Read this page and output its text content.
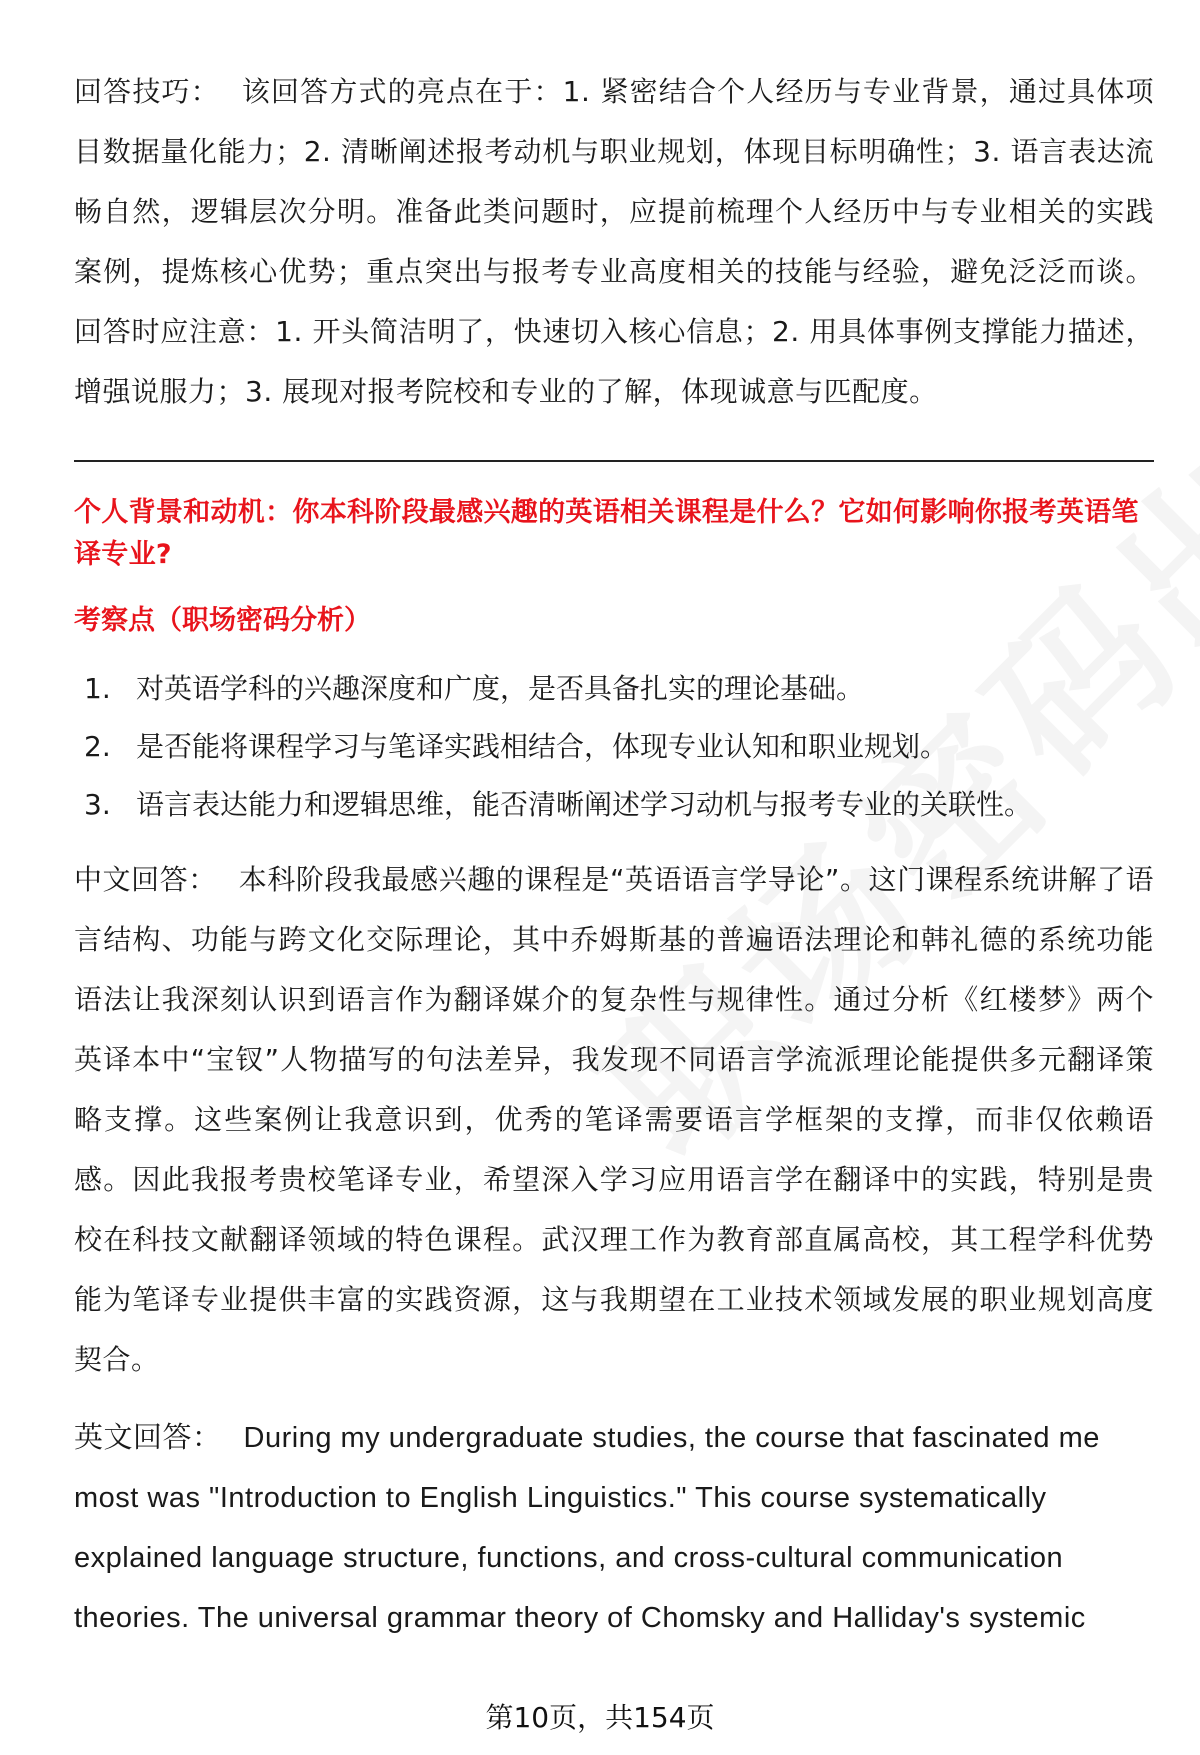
回答技巧： 该回答方式的亮点在于：1. 紧密结合个人经历与专业背景，通过具体项目数据量化能力；2. 清晰阐述报考动机与职业规划，体现目标明确性；3. 语言表达流畅自然，逻辑层次分明。准备此类问题时，应提前梳理个人经历中与专业相关的实践案例，提炼核心优势；重点突出与报考专业高度相关的技能与经验，避免泛泛而谈。回答时应注意：1. 开头简洁明了，快速切入核心信息；2. 用具体事例支撑能力描述，增强说服力；3. 展现对报考院校和专业的了解，体现诚意与匹配度。

个人背景和动机：你本科阶段最感兴趣的英语相关课程是什么？它如何影响你报考英语笔译专业?

考察点（职场密码分析）

1. 对英语学科的兴趣深度和广度，是否具备扎实的理论基础。
2. 是否能将课程学习与笔译实践相结合，体现专业认知和职业规划。
3. 语言表达能力和逻辑思维，能否清晰阐述学习动机与报考专业的关联性。

中文回答： 本科阶段我最感兴趣的课程是“英语语言学导论”。这门课程系统讲解了语言结构、功能与跨文化交际理论，其中乔姆斯基的普遍语法理论和韩礼德的系统功能语法让我深刻认识到语言作为翻译媒介的复杂性与规律性。通过分析《红楼梦》两个英译本中“宝钗”人物描写的句法差异，我发现不同语言学流派理论能提供多元翻译策略支撑。这些案例让我意识到，优秀的笔译需要语言学框架的支撑，而非仅依赖语感。因此我报考贵校笔译专业，希望深入学习应用语言学在翻译中的实践，特别是贵校在科技文献翻译领域的特色课程。武汉理工作为教育部直属高校，其工程学科优势能为笔译专业提供丰富的实践资源，这与我期望在工业技术领域发展的职业规划高度契合。

英文回答： During my undergraduate studies, the course that fascinated me most was "Introduction to English Linguistics." This course systematically explained language structure, functions, and cross-cultural communication theories. The universal grammar theory of Chomsky and Halliday's systemic

第10页，共154页
